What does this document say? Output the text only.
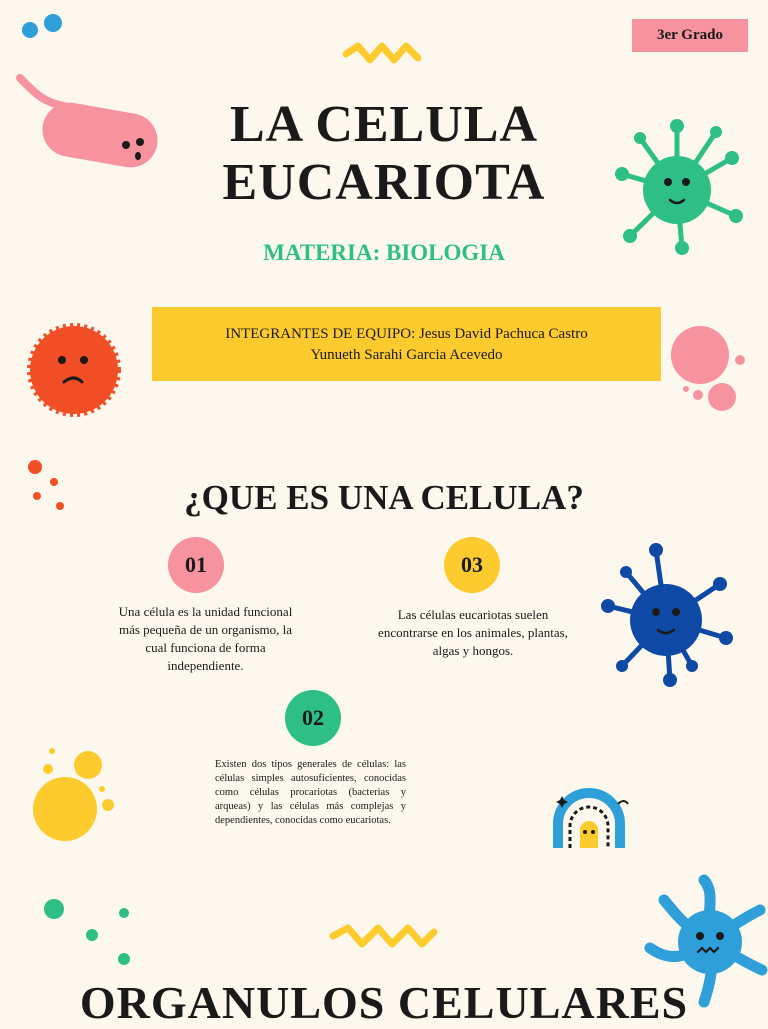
3er Grado
LA CELULA
EUCARIOTA
MATERIA: BIOLOGIA
INTEGRANTES DE EQUIPO: Jesus David Pachuca Castro
Yunueth Sarahi Garcia Acevedo
¿QUE ES UNA CELULA?
01
Una célula es la unidad funcional más pequeña de un organismo, la cual funciona de forma independiente.
03
Las células eucariotas suelen encontrarse en los animales, plantas, algas y hongos.
02
Existen dos tipos generales de células: las células simples autosuficientes, conocidas como células procariotas (bacterias y arqueas) y las células más complejas y dependientes, conocidas como eucariotas.
ORGANULOS CELULARES
